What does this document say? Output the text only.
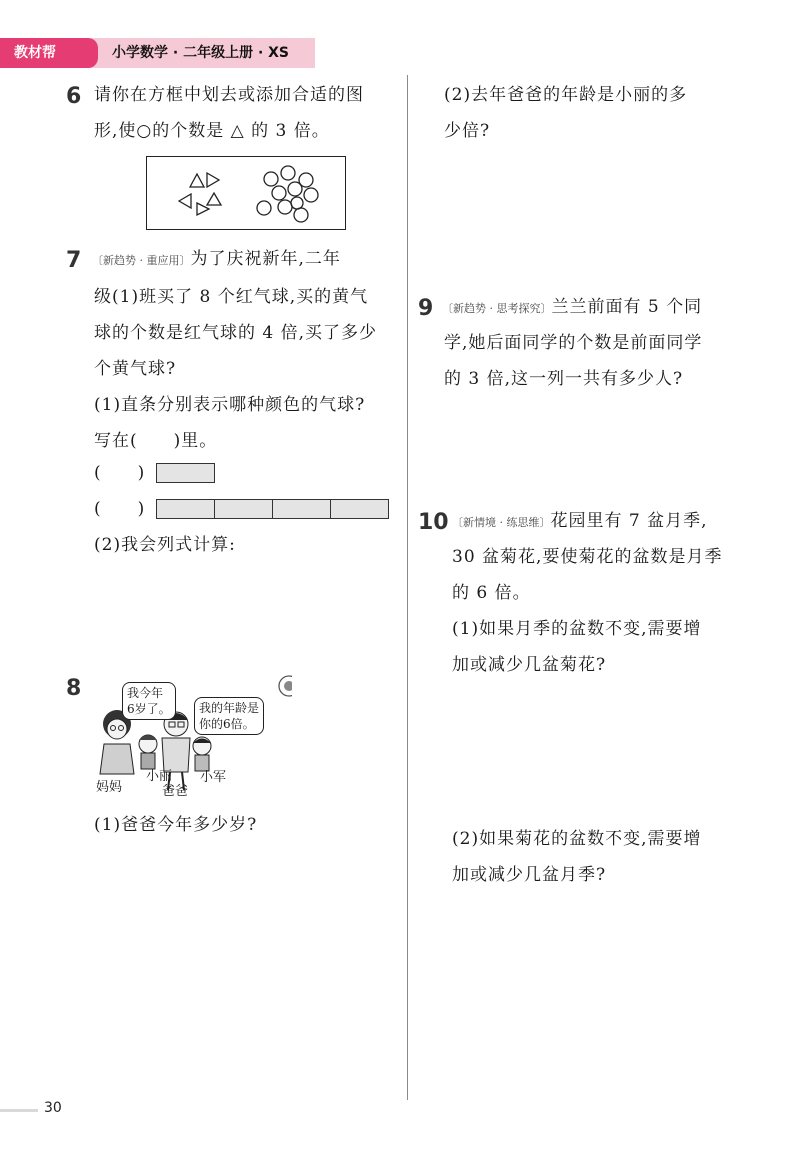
教材帮	小学数学 · 二年级上册 · XS
6 请你在方框中划去或添加合适的图
形,使○的个数是 △ 的 3 倍。
7 〔新趋势 · 重应用〕为了庆祝新年,二年
级(1)班买了 8 个红气球,买的黄气
球的个数是红气球的 4 倍,买了多少
个黄气球?
(1)直条分别表示哪种颜色的气球?
写在(　　)里。
(　　)
(　　)
(2)我会列式计算:
8	我今年
6岁了。 我的年龄是
你的6倍。
妈妈
小丽
爸爸
小军
(1)爸爸今年多少岁?
(2)去年爸爸的年龄是小丽的多
少倍?
9 〔新趋势 · 思考探究〕兰兰前面有 5 个同
学,她后面同学的个数是前面同学
的 3 倍,这一列一共有多少人?
10 〔新情境 · 练思维〕花园里有 7 盆月季,
30 盆菊花,要使菊花的盆数是月季
的 6 倍。
(1)如果月季的盆数不变,需要增
加或减少几盆菊花?
(2)如果菊花的盆数不变,需要增
加或减少几盆月季?
30
